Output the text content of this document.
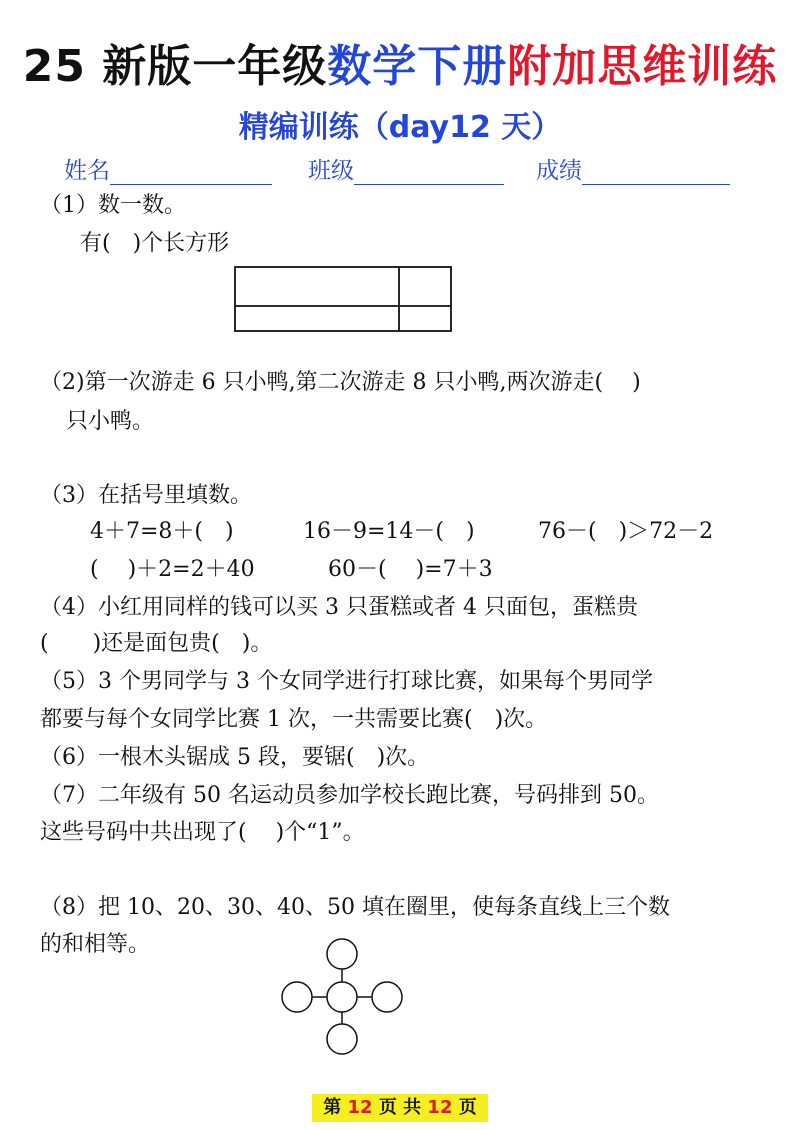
25 新版一年级数学下册附加思维训练
精编训练（day12 天）
姓名	班级	成绩
（1）数一数。
有(　)个长方形
（2)第一次游走 6 只小鸭,第二次游走 8 只小鸭,两次游走(　 )
只小鸭。
（3）在括号里填数。
4＋7=8＋(　)	16－9=14－(　)	76－(　)＞72－2
(　 )＋2=2＋40	60－(　 )=7＋3
（4）小红用同样的钱可以买 3 只蛋糕或者 4 只面包，蛋糕贵
(　　)还是面包贵(　)。
（5）3 个男同学与 3 个女同学进行打球比赛，如果每个男同学
都要与每个女同学比赛 1 次，一共需要比赛(　)次。
（6）一根木头锯成 5 段，要锯(　)次。
（7）二年级有 50 名运动员参加学校长跑比赛，号码排到 50。
这些号码中共出现了(　 )个“1”。
（8）把 10、20、30、40、50 填在圈里，使每条直线上三个数
的和相等。
第 12 页 共 12 页
